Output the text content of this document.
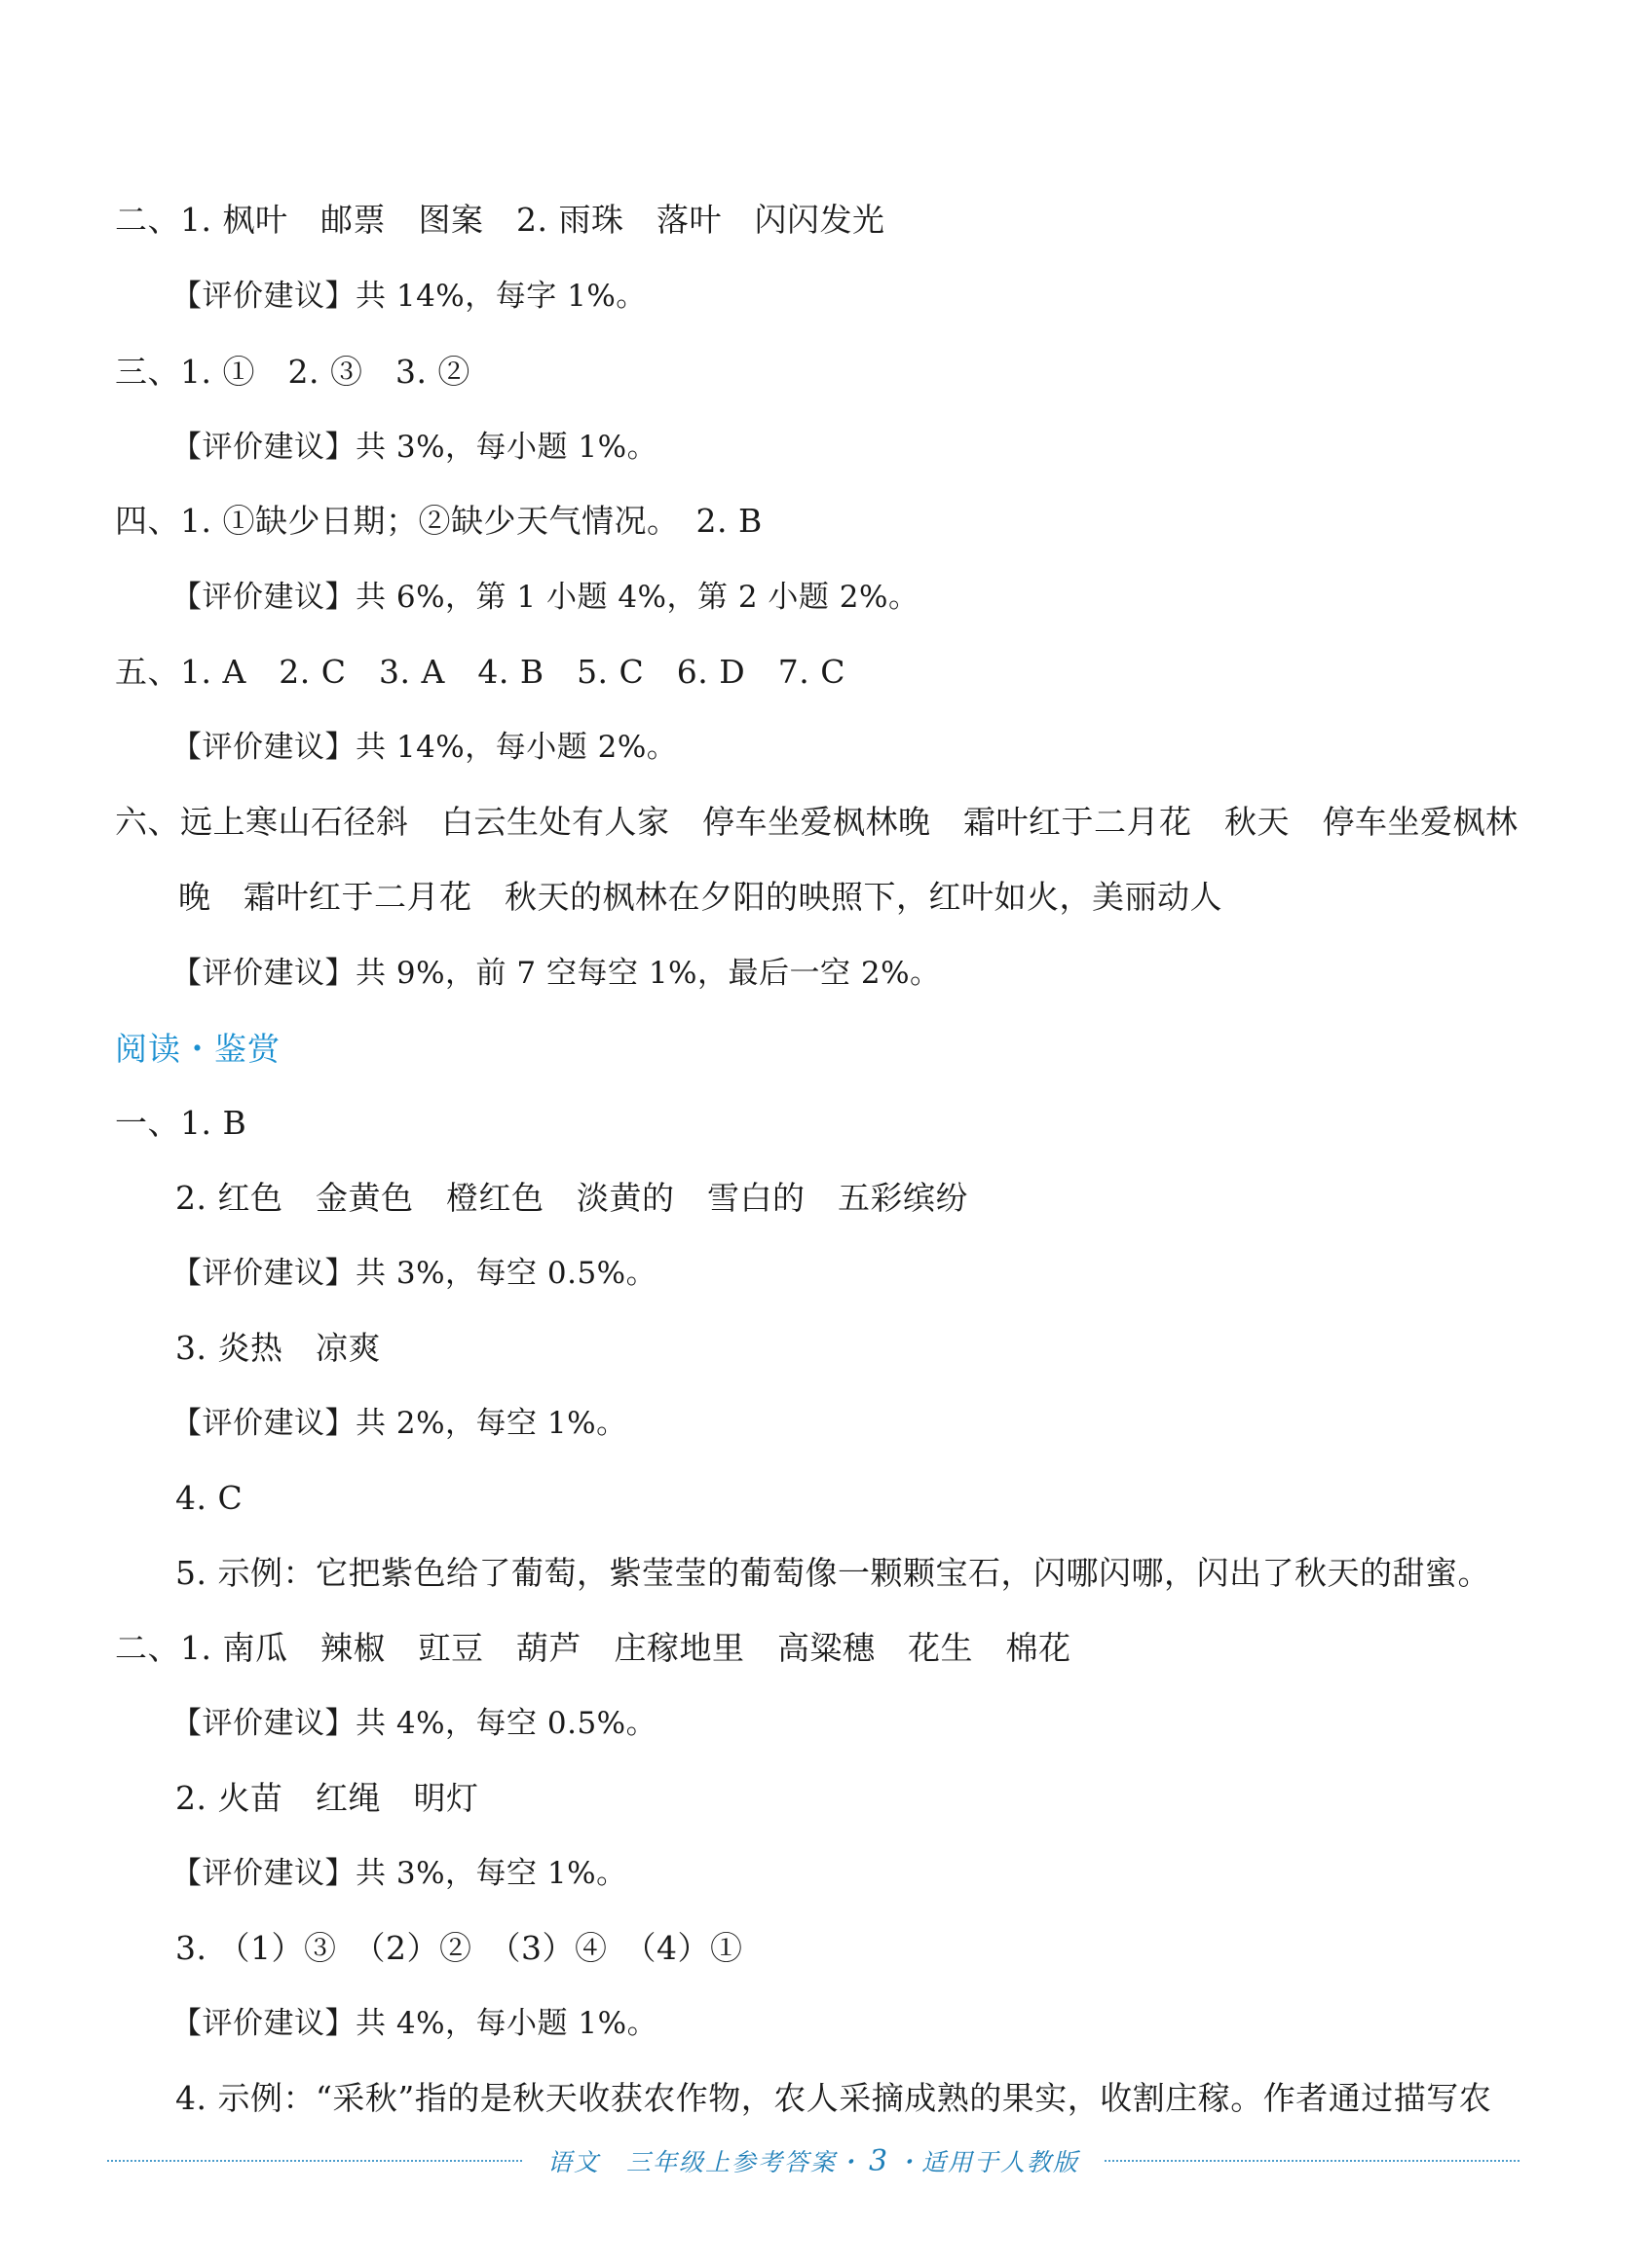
二、1. 枫叶　邮票　图案　2. 雨珠　落叶　闪闪发光
【评价建议】共 14%，每字 1%。
三、1. ①　2. ③　3. ②
【评价建议】共 3%，每小题 1%。
四、1. ①缺少日期；②缺少天气情况。　2. B
【评价建议】共 6%，第 1 小题 4%，第 2 小题 2%。
五、1. A　2. C　3. A　4. B　5. C　6. D　7. C
【评价建议】共 14%，每小题 2%。
六、远上寒山石径斜　白云生处有人家　停车坐爱枫林晚　霜叶红于二月花　秋天　停车坐爱枫林
晚　霜叶红于二月花　秋天的枫林在夕阳的映照下，红叶如火，美丽动人
【评价建议】共 9%，前 7 空每空 1%，最后一空 2%。
阅读・鉴赏
一、1. B
2. 红色　金黄色　橙红色　淡黄的　雪白的　五彩缤纷
【评价建议】共 3%，每空 0.5%。
3. 炎热　凉爽
【评价建议】共 2%，每空 1%。
4. C
5. 示例：它把紫色给了葡萄，紫莹莹的葡萄像一颗颗宝石，闪哪闪哪，闪出了秋天的甜蜜。
二、1. 南瓜　辣椒　豇豆　葫芦　庄稼地里　高粱穗　花生　棉花
【评价建议】共 4%，每空 0.5%。
2. 火苗　红绳　明灯
【评价建议】共 3%，每空 1%。
3. （1）③　（2）②　（3）④　（4）①
【评价建议】共 4%，每小题 1%。
4. 示例：“采秋”指的是秋天收获农作物，农人采摘成熟的果实，收割庄稼。作者通过描写农
语文　三年级上参考答案・ 3 ・适用于人教版
